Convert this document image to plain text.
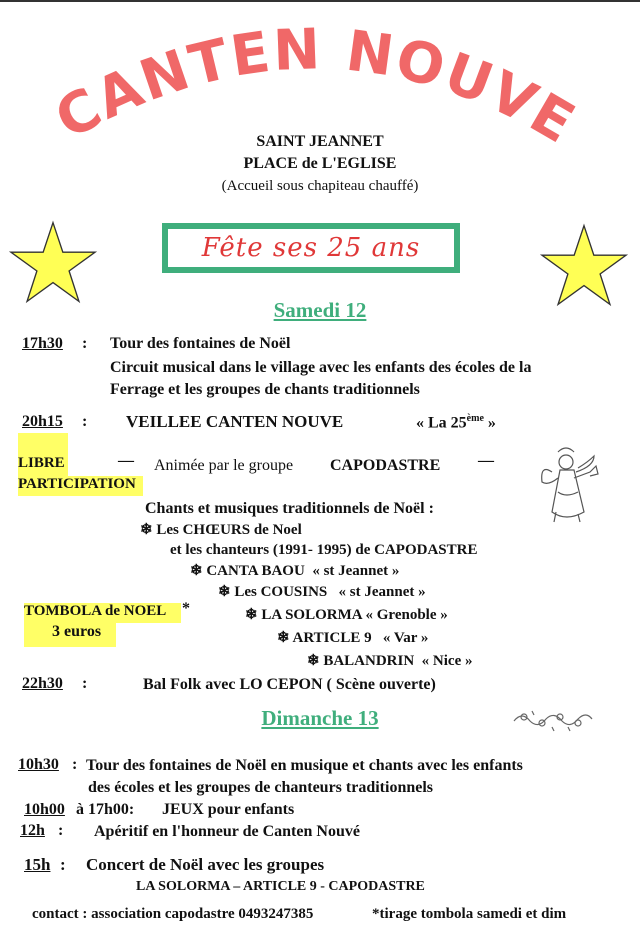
CANTEN NOUVE
SAINT JEANNET
PLACE de L'EGLISE
(Accueil sous chapiteau chauffé)
Fête ses 25 ans
Samedi 12
17h30 : Tour des fontaines de Noël
Circuit musical dans le village avec les enfants des écoles de la
Ferrage et les groupes de chants traditionnels
20h15 : VEILLEE CANTEN NOUVE	« La 25ème »
LIBRE
PARTICIPATION
— Animée par le groupe CAPODASTRE —
Chants et musiques traditionnels de Noël :
❄ Les CHŒURS de Noel
et les chanteurs (1991- 1995) de CAPODASTRE
❄ CANTA BAOU « st Jeannet »
❄ Les COUSINS « st Jeannet »
❄ LA SOLORMA « Grenoble »
❄ ARTICLE 9 « Var »
❄ BALANDRIN « Nice »
TOMBOLA de NOEL *
3 euros
22h30 :	Bal Folk avec LO CEPON ( Scène ouverte)
Dimanche 13
10h30 : Tour des fontaines de Noël en musique et chants avec les enfants
des écoles et les groupes de chanteurs traditionnels
10h00 à 17h00: JEUX pour enfants
12h : Apéritif en l'honneur de Canten Nouvé
15h : Concert de Noël avec les groupes
LA SOLORMA – ARTICLE 9 - CAPODASTRE
contact : association capodastre 0493247385	*tirage tombola samedi et dim
